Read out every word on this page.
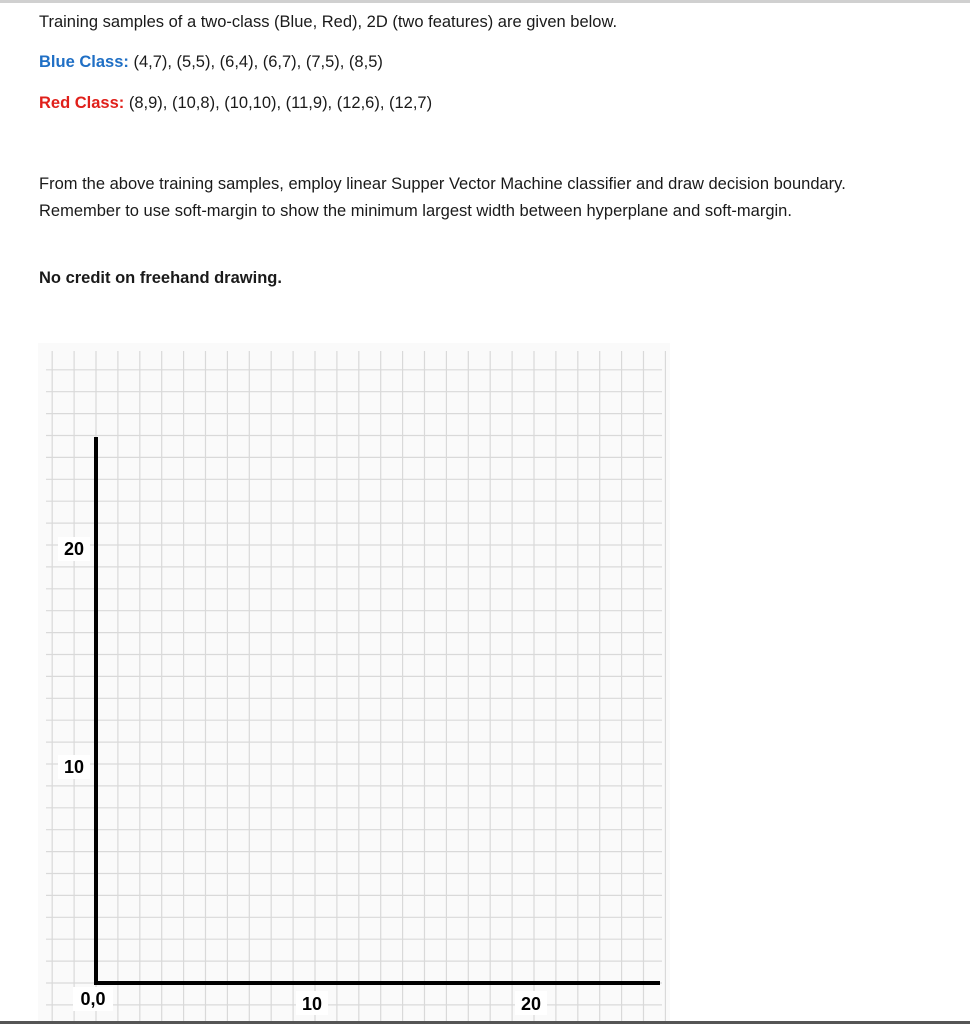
Training samples of a two-class (Blue, Red), 2D (two features) are given below.
Blue Class: (4,7), (5,5), (6,4), (6,7), (7,5), (8,5)
Red Class: (8,9), (10,8), (10,10), (11,9), (12,6), (12,7)
From the above training samples, employ linear Supper Vector Machine classifier and draw decision boundary. Remember to use soft-margin to show the minimum largest width between hyperplane and soft-margin.
No credit on freehand drawing.
20
10
0,0	10	20
